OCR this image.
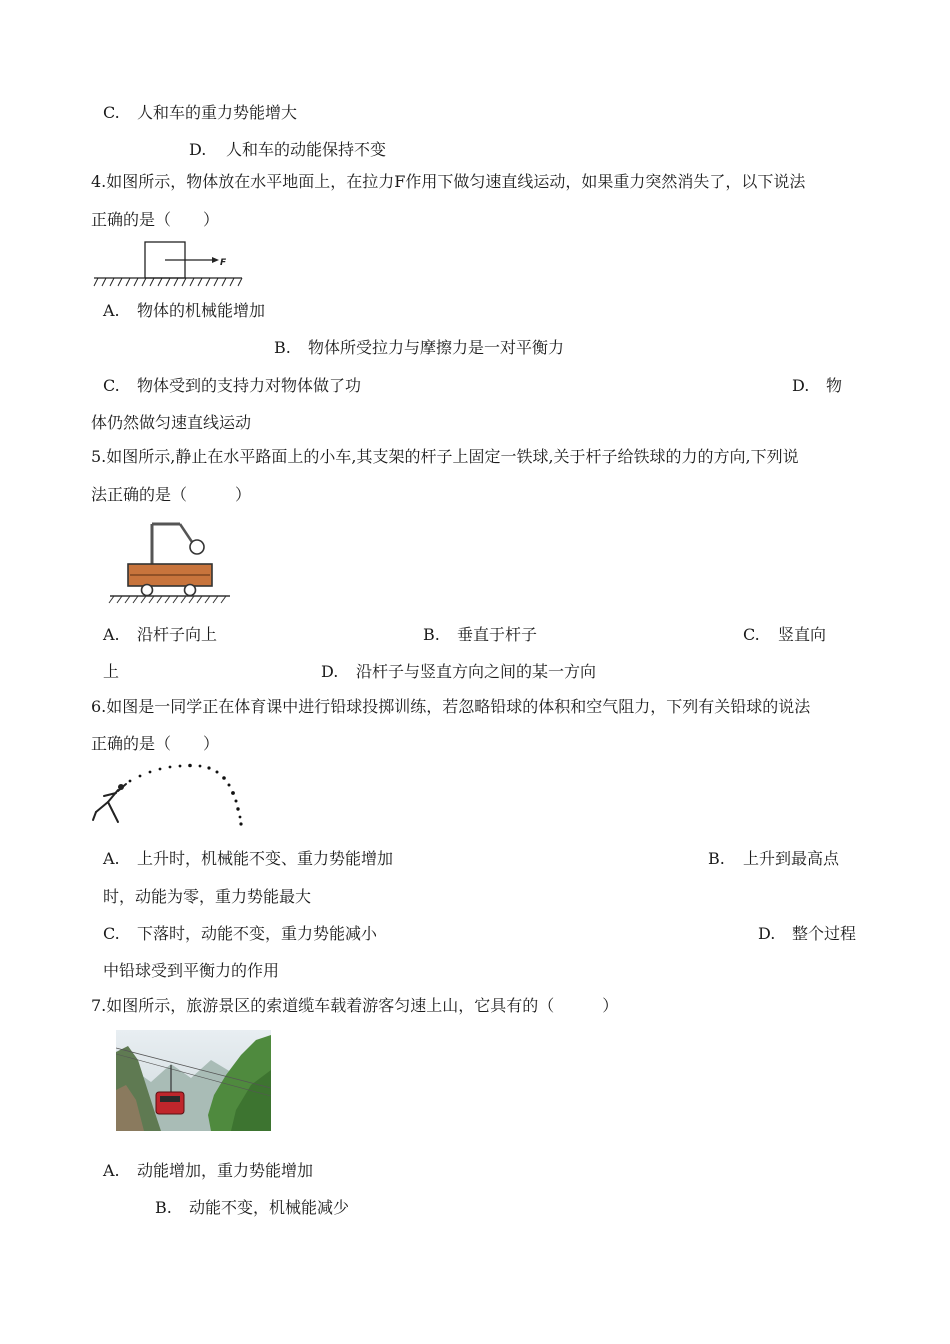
C. 人和车的重力势能增大
D. 人和车的动能保持不变
4.如图所示，物体放在水平地面上，在拉力F作用下做匀速直线运动，如果重力突然消失了，以下说法
正确的是（　　）
F
A. 物体的机械能增加
B. 物体所受拉力与摩擦力是一对平衡力
C. 物体受到的支持力对物体做了功	D. 物
体仍然做匀速直线运动
5.如图所示,静止在水平路面上的小车,其支架的杆子上固定一铁球,关于杆子给铁球的力的方向,下列说
法正确的是（　　　）
A. 沿杆子向上	B. 垂直于杆子	C. 竖直向
上	D. 沿杆子与竖直方向之间的某一方向
6.如图是一同学正在体育课中进行铅球投掷训练，若忽略铅球的体积和空气阻力，下列有关铅球的说法
正确的是（　　）
A. 上升时，机械能不变、重力势能增加	B. 上升到最高点
时，动能为零，重力势能最大
C. 下落时，动能不变，重力势能减小	D. 整个过程
中铅球受到平衡力的作用
7.如图所示，旅游景区的索道缆车载着游客匀速上山，它具有的（　　　）
A. 动能增加，重力势能增加
B. 动能不变，机械能减少
